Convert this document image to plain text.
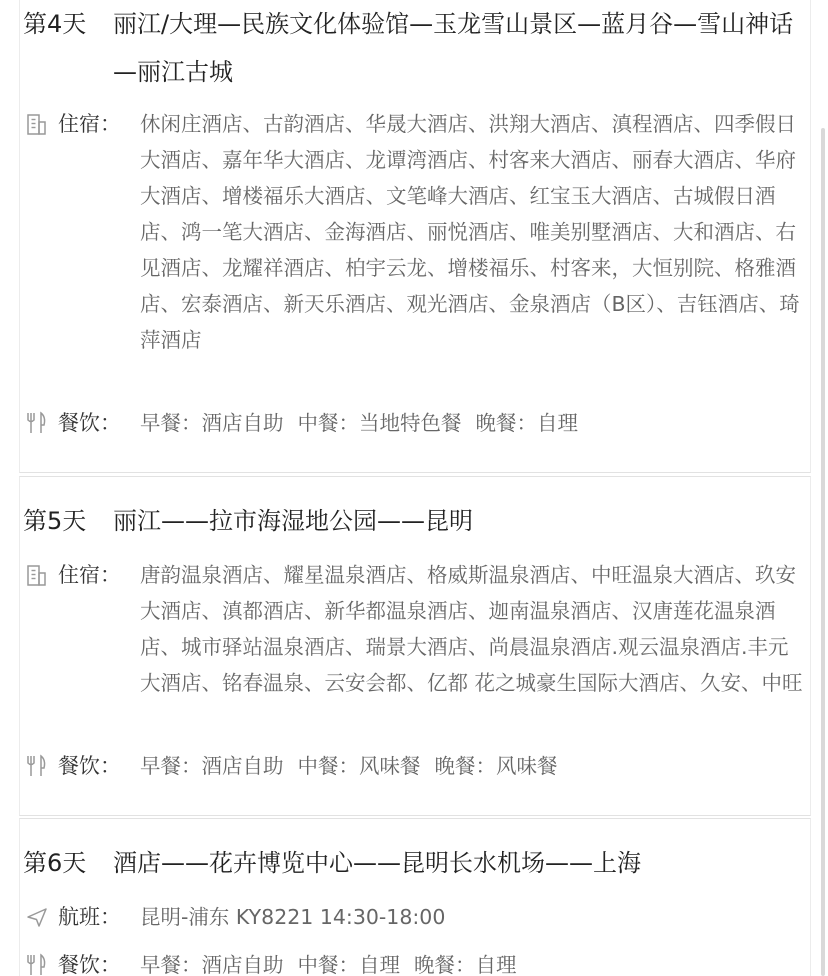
第4天	丽江/大理—民族文化体验馆—玉龙雪山景区—蓝月谷—雪山神话—丽江古城
住宿： 休闲庄酒店、古韵酒店、华晟大酒店、洪翔大酒店、滇程酒店、四季假日大酒店、嘉年华大酒店、龙谭湾酒店、村客来大酒店、丽春大酒店、华府大酒店、增楼福乐大酒店、文笔峰大酒店、红宝玉大酒店、古城假日酒店、鸿一笔大酒店、金海酒店、丽悦酒店、唯美别墅酒店、大和酒店、右见酒店、龙耀祥酒店、柏宇云龙、增楼福乐、村客来，大恒别院、格雅酒店、宏泰酒店、新天乐酒店、观光酒店、金泉酒店（B区）、吉钰酒店、琦萍酒店
餐饮： 早餐：酒店自助 中餐：当地特色餐 晚餐：自理
第5天	丽江——拉市海湿地公园——昆明
住宿： 唐韵温泉酒店、耀星温泉酒店、格威斯温泉酒店、中旺温泉大酒店、玖安大酒店、滇都酒店、新华都温泉酒店、迦南温泉酒店、汉唐莲花温泉酒店、城市驿站温泉酒店、瑞景大酒店、尚晨温泉酒店.观云温泉酒店.丰元大酒店、铭春温泉、云安会都、亿都 花之城豪生国际大酒店、久安、中旺
餐饮： 早餐：酒店自助 中餐：风味餐 晚餐：风味餐
第6天	酒店——花卉博览中心——昆明长水机场——上海
航班： 昆明-浦东 KY8221 14:30-18:00
餐饮： 早餐：酒店自助 中餐：自理 晚餐：自理
